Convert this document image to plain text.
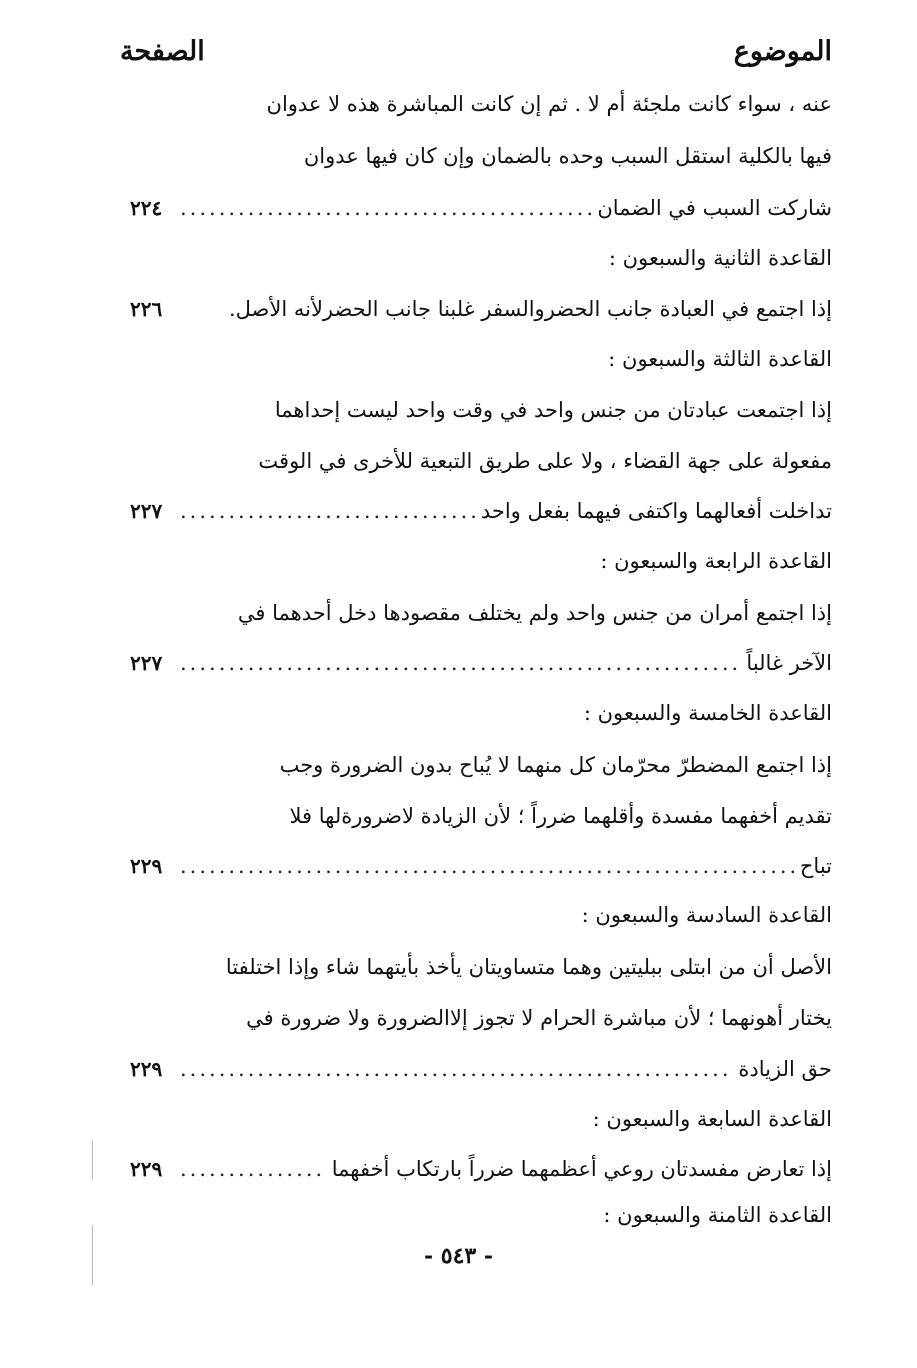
الموضوع
الصفحة
عنه ، سواء كانت ملجئة أم لا . ثم إن كانت المباشرة هذه لا عدوان
فيها بالكلية استقل السبب وحده بالضمان وإن كان فيها عدوان
شاركت السبب في الضمان
.....
٢٢٤
القاعدة الثانية والسبعون :
إذا اجتمع في العبادة جانب الحضروالسفر غلبنا جانب الحضرلأنه الأصل.
٢٢٦
القاعدة الثالثة والسبعون :
إذا اجتمعت عبادتان من جنس واحد في وقت واحد ليست إحداهما
مفعولة على جهة القضاء ، ولا على طريق التبعية للأخرى في الوقت
تداخلت أفعالهما واكتفى فيهما بفعل واحد
.....
٢٢٧
القاعدة الرابعة والسبعون :
إذا اجتمع أمران من جنس واحد ولم يختلف مقصودها دخل أحدهما في
الآخر غالباً
.....
٢٢٧
القاعدة الخامسة والسبعون :
إذا اجتمع المضطرّ محرّمان كل منهما لا يُباح بدون الضرورة وجب
تقديم أخفهما مفسدة وأقلهما ضرراً ؛ لأن الزيادة لاضرورةلها فلا
تباح
.....
٢٢٩
القاعدة السادسة والسبعون :
الأصل أن من ابتلى ببليتين وهما متساويتان يأخذ بأيتهما شاء وإذا اختلفتا
يختار أهونهما ؛ لأن مباشرة الحرام لا تجوز إلاالضرورة ولا ضرورة في
حق الزيادة
.....
٢٢٩
القاعدة السابعة والسبعون :
إذا تعارض مفسدتان روعي أعظمهما ضرراً بارتكاب أخفهما
.....
٢٢٩
القاعدة الثامنة والسبعون :
- ٥٤٣ -
